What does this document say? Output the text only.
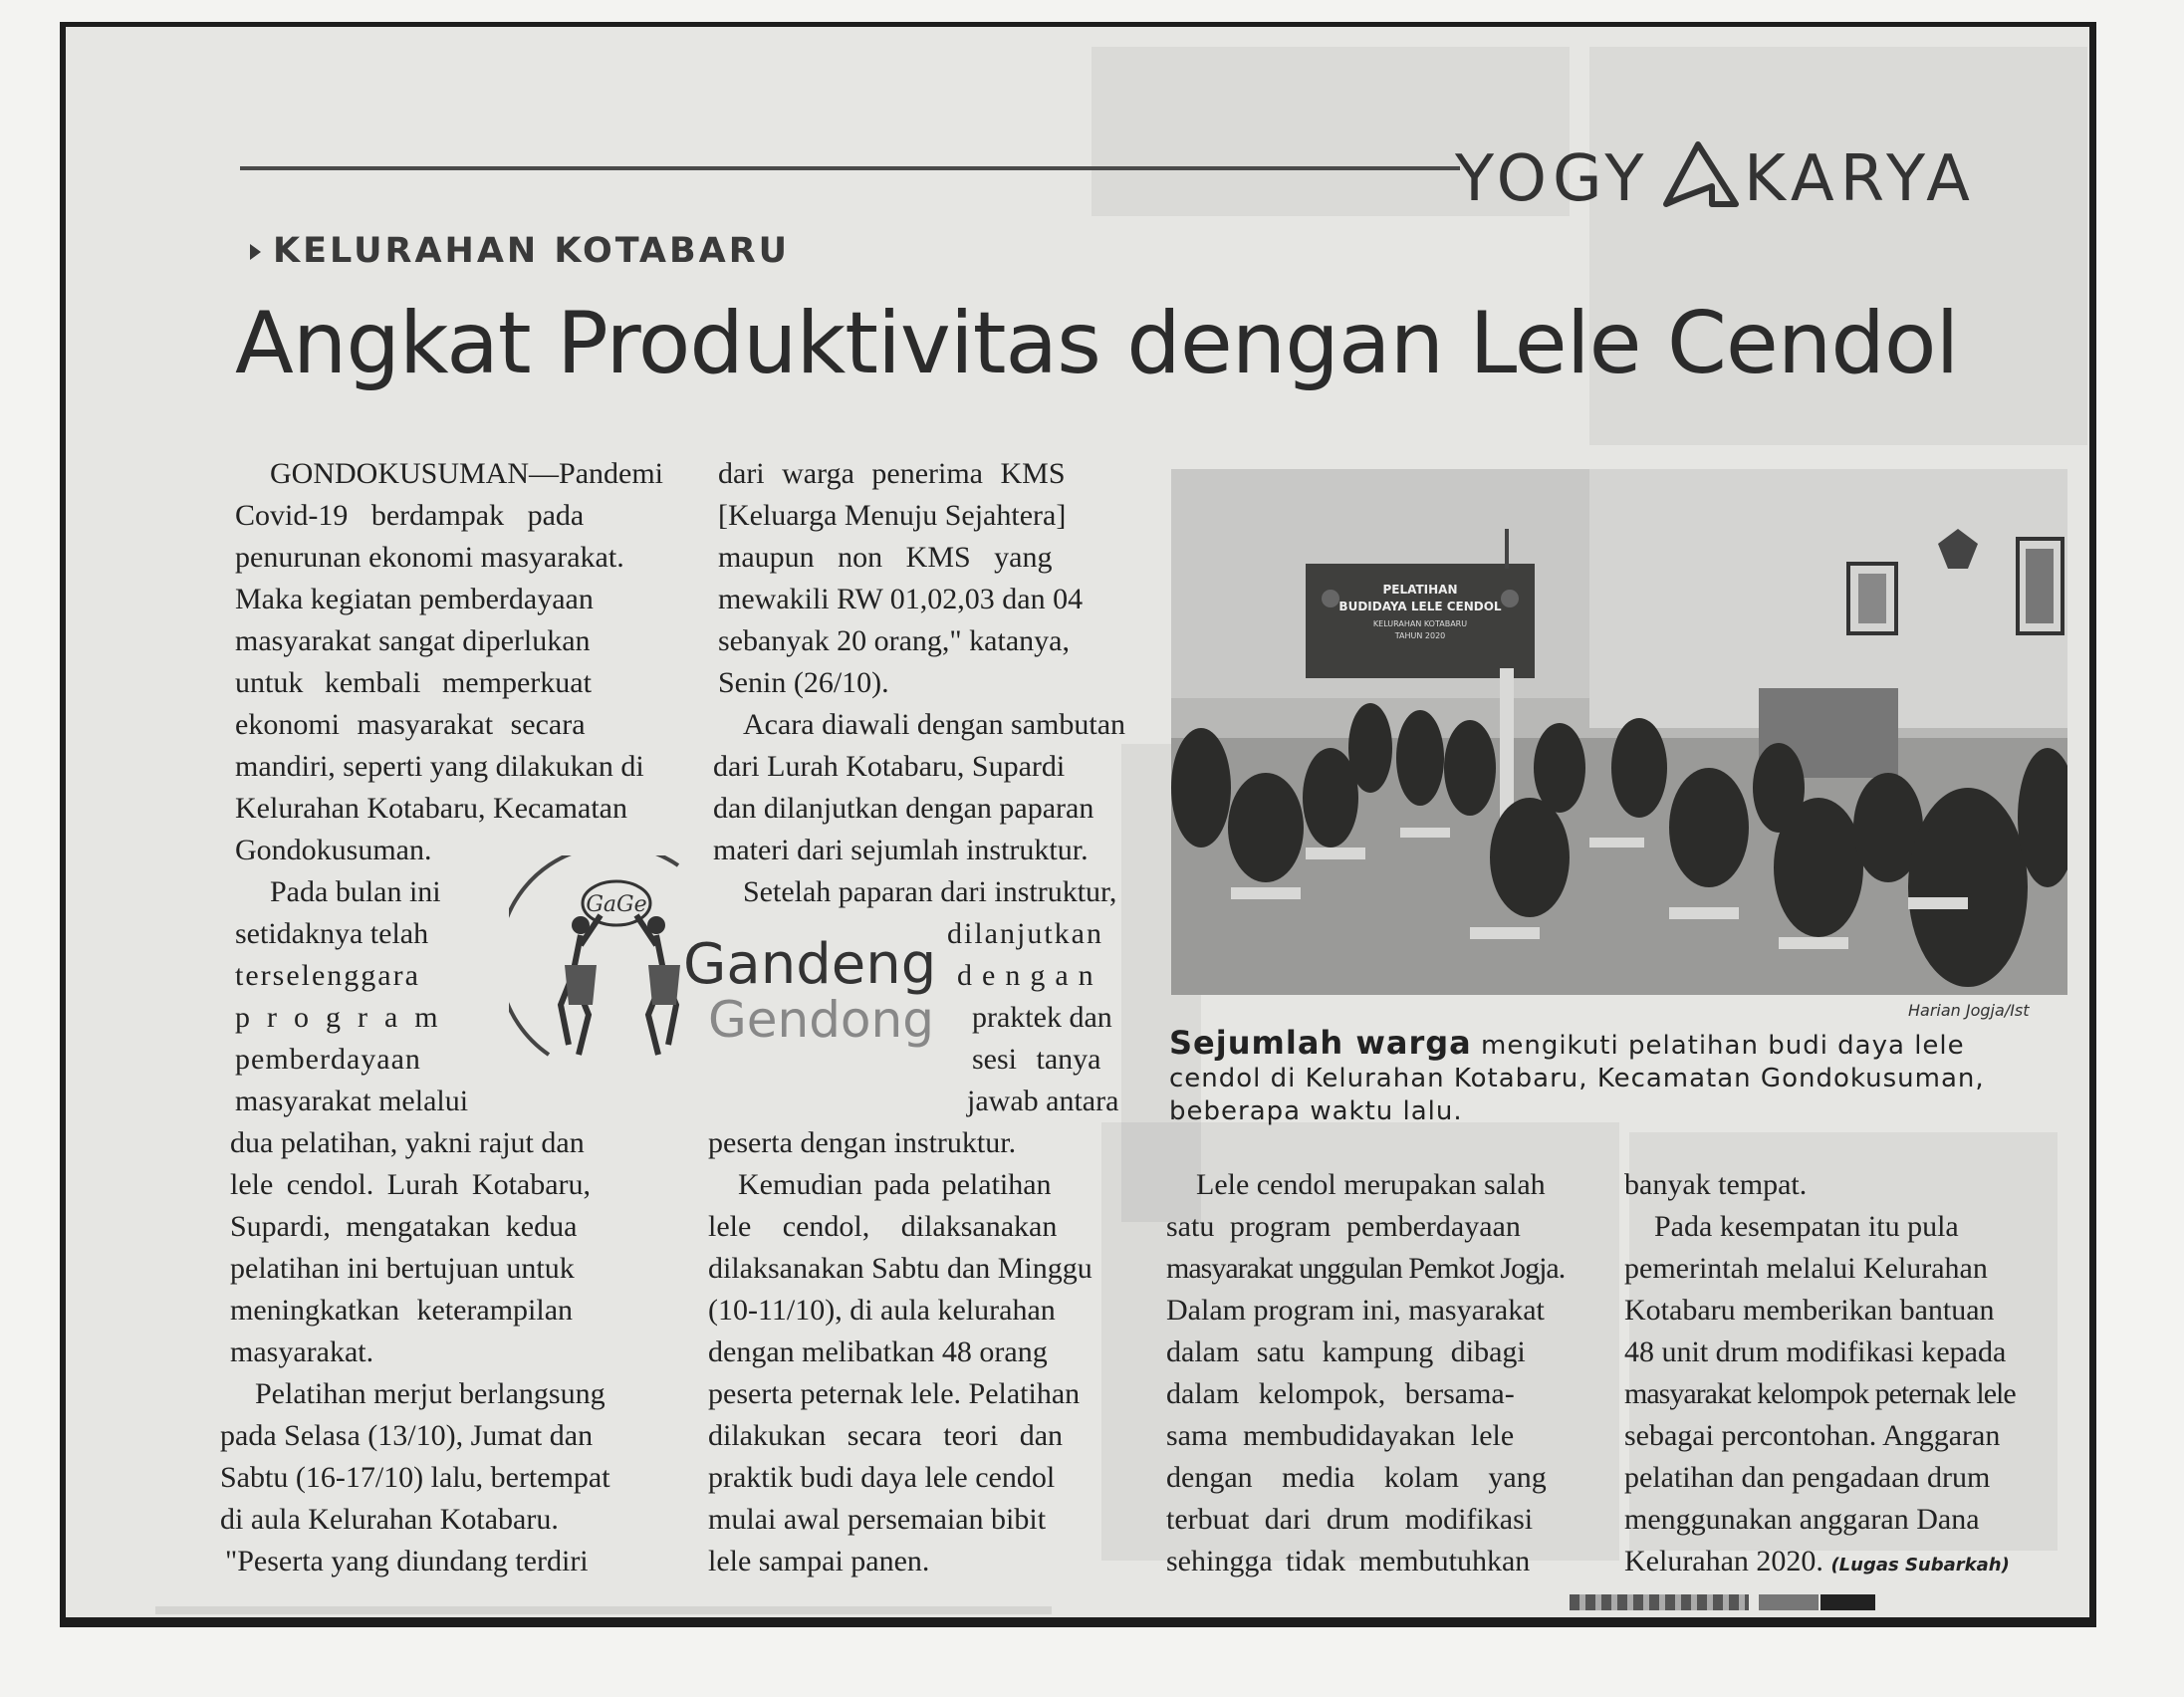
YOGY KARYA
KELURAHAN KOTABARU
Angkat Produktivitas dengan Lele Cendol
GONDOKUSUMAN—Pandemi
Covid-19 berdampak pada
penurunan ekonomi masyarakat.
Maka kegiatan pemberdayaan
masyarakat sangat diperlukan
untuk kembali memperkuat
ekonomi masyarakat secara
mandiri, seperti yang dilakukan di
Kelurahan Kotabaru, Kecamatan
Gondokusuman.
Pada bulan ini
setidaknya telah
terselenggara
program
pemberdayaan
masyarakat melalui
dua pelatihan, yakni rajut dan
lele cendol. Lurah Kotabaru,
Supardi, mengatakan kedua
pelatihan ini bertujuan untuk
meningkatkan keterampilan
masyarakat.
Pelatihan merjut berlangsung
pada Selasa (13/10), Jumat dan
Sabtu (16-17/10) lalu, bertempat
di aula Kelurahan Kotabaru.
"Peserta yang diundang terdiri
dari warga penerima KMS
[Keluarga Menuju Sejahtera]
maupun non KMS yang
mewakili RW 01,02,03 dan 04
sebanyak 20 orang," katanya,
Senin (26/10).
Acara diawali dengan sambutan
dari Lurah Kotabaru, Supardi
dan dilanjutkan dengan paparan
materi dari sejumlah instruktur.
Setelah paparan dari instruktur,
dilanjutkan
dengan
praktek dan
sesi tanya
jawab antara
peserta dengan instruktur.
Kemudian pada pelatihan
lele cendol, dilaksanakan
dilaksanakan Sabtu dan Minggu
(10-11/10), di aula kelurahan
dengan melibatkan 48 orang
peserta peternak lele. Pelatihan
dilakukan secara teori dan
praktik budi daya lele cendol
mulai awal persemaian bibit
lele sampai panen.
GaGe
Gandeng
Gendong
PELATIHAN
BUDIDAYA LELE CENDOL
KELURAHAN KOTABARU
TAHUN 2020
Harian Jogja/Ist
Sejumlah warga mengikuti pelatihan budi daya lele
cendol di Kelurahan Kotabaru, Kecamatan Gondokusuman,
beberapa waktu lalu.
Lele cendol merupakan salah
satu program pemberdayaan
masyarakat unggulan Pemkot Jogja.
Dalam program ini, masyarakat
dalam satu kampung dibagi
dalam kelompok, bersama-
sama membudidayakan lele
dengan media kolam yang
terbuat dari drum modifikasi
sehingga tidak membutuhkan
banyak tempat.
Pada kesempatan itu pula
pemerintah melalui Kelurahan
Kotabaru memberikan bantuan
48 unit drum modifikasi kepada
masyarakat kelompok peternak lele
sebagai percontohan. Anggaran
pelatihan dan pengadaan drum
menggunakan anggaran Dana
Kelurahan 2020. (Lugas Subarkah)
